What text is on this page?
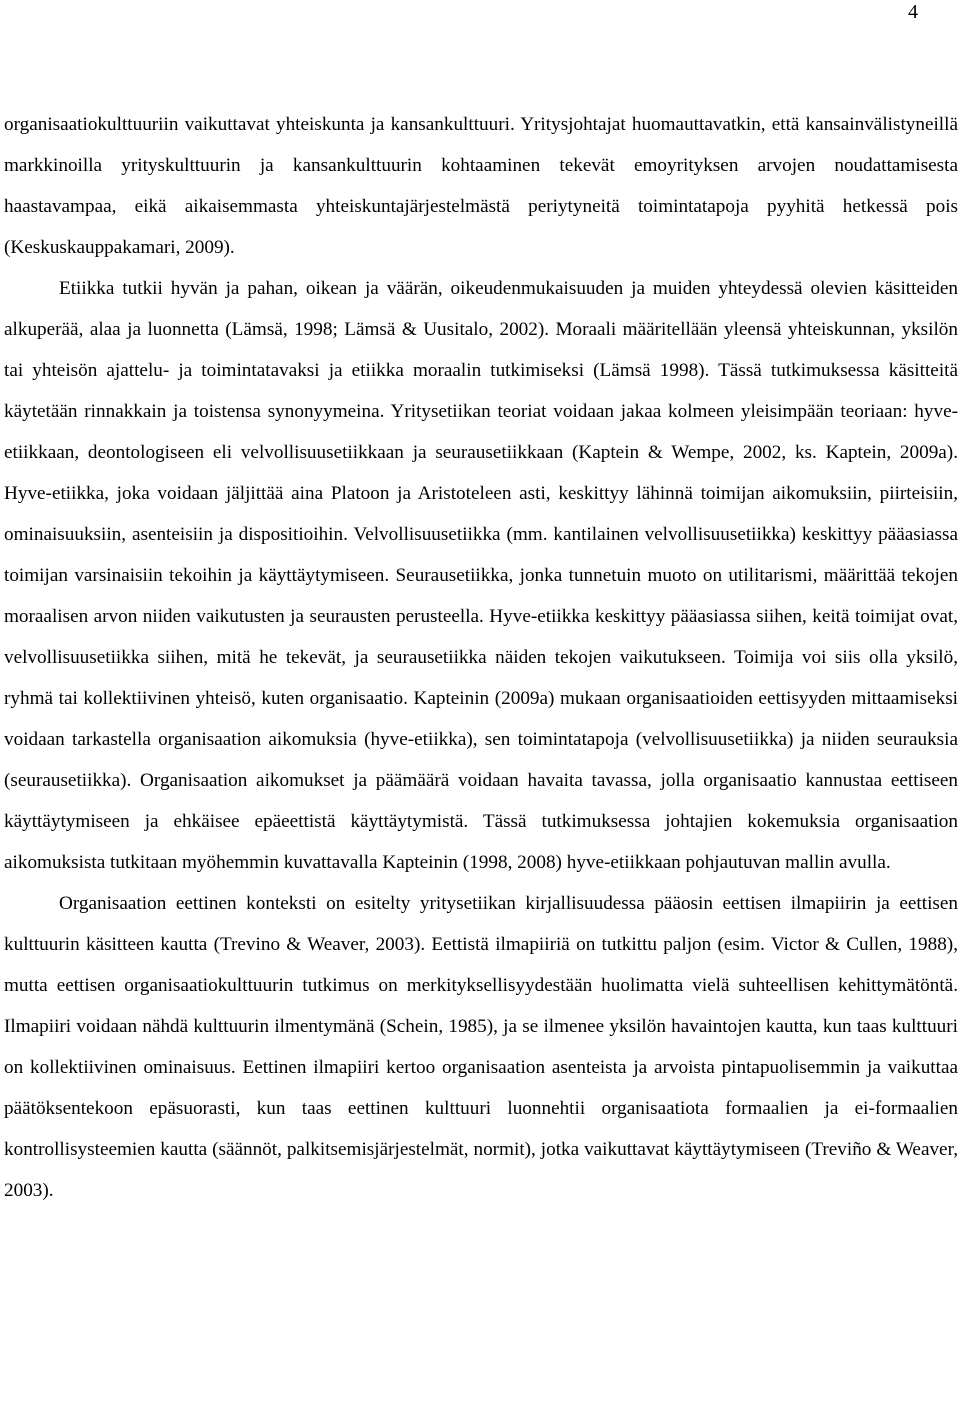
4

organisaatiokulttuuriin vaikuttavat yhteiskunta ja kansankulttuuri. Yritysjohtajat huomauttavatkin, että kansainvälistyneillä markkinoilla yrityskulttuurin ja kansankulttuurin kohtaaminen tekevät emoyrityksen arvojen noudattamisesta haastavampaa, eikä aikaisemmasta yhteiskuntajärjestelmästä periytyneitä toimintatapoja pyyhitä hetkessä pois (Keskuskauppakamari, 2009).

Etiikka tutkii hyvän ja pahan, oikean ja väärän, oikeudenmukaisuuden ja muiden yhteydessä olevien käsitteiden alkuperää, alaa ja luonnetta (Lämsä, 1998; Lämsä & Uusitalo, 2002). Moraali määritellään yleensä yhteiskunnan, yksilön tai yhteisön ajattelu- ja toimintatavaksi ja etiikka moraalin tutkimiseksi (Lämsä 1998). Tässä tutkimuksessa käsitteitä käytetään rinnakkain ja toistensa synonyymeina. Yritysetiikan teoriat voidaan jakaa kolmeen yleisimpään teoriaan: hyve-etiikkaan, deontologiseen eli velvollisuusetiikkaan ja seurausetiikkaan (Kaptein & Wempe, 2002, ks. Kaptein, 2009a). Hyve-etiikka, joka voidaan jäljittää aina Platoon ja Aristoteleen asti, keskittyy lähinnä toimijan aikomuksiin, piirteisiin, ominaisuuksiin, asenteisiin ja dispositioihin. Velvollisuusetiikka (mm. kantilainen velvollisuusetiikka) keskittyy pääasiassa toimijan varsinaisiin tekoihin ja käyttäytymiseen. Seurausetiikka, jonka tunnetuin muoto on utilitarismi, määrittää tekojen moraalisen arvon niiden vaikutusten ja seurausten perusteella. Hyve-etiikka keskittyy pääasiassa siihen, keitä toimijat ovat, velvollisuusetiikka siihen, mitä he tekevät, ja seurausetiikka näiden tekojen vaikutukseen. Toimija voi siis olla yksilö, ryhmä tai kollektiivinen yhteisö, kuten organisaatio. Kapteinin (2009a) mukaan organisaatioiden eettisyyden mittaamiseksi voidaan tarkastella organisaation aikomuksia (hyve-etiikka), sen toimintatapoja (velvollisuusetiikka) ja niiden seurauksia (seurausetiikka). Organisaation aikomukset ja päämäärä voidaan havaita tavassa, jolla organisaatio kannustaa eettiseen käyttäytymiseen ja ehkäisee epäeettistä käyttäytymistä. Tässä tutkimuksessa johtajien kokemuksia organisaation aikomuksista tutkitaan myöhemmin kuvattavalla Kapteinin (1998, 2008) hyve-etiikkaan pohjautuvan mallin avulla.

Organisaation eettinen konteksti on esitelty yritysetiikan kirjallisuudessa pääosin eettisen ilmapiirin ja eettisen kulttuurin käsitteen kautta (Trevino & Weaver, 2003). Eettistä ilmapiiriä on tutkittu paljon (esim. Victor & Cullen, 1988), mutta eettisen organisaatiokulttuurin tutkimus on merkityksellisyydestään huolimatta vielä suhteellisen kehittymätöntä. Ilmapiiri voidaan nähdä kulttuurin ilmentymänä (Schein, 1985), ja se ilmenee yksilön havaintojen kautta, kun taas kulttuuri on kollektiivinen ominaisuus. Eettinen ilmapiiri kertoo organisaation asenteista ja arvoista pintapuolisemmin ja vaikuttaa päätöksentekoon epäsuorasti, kun taas eettinen kulttuuri luonnehtii organisaatiota formaalien ja ei-formaalien kontrollisysteemien kautta (säännöt, palkitsemisjärjestelmät, normit), jotka vaikuttavat käyttäytymiseen (Treviño & Weaver, 2003).
